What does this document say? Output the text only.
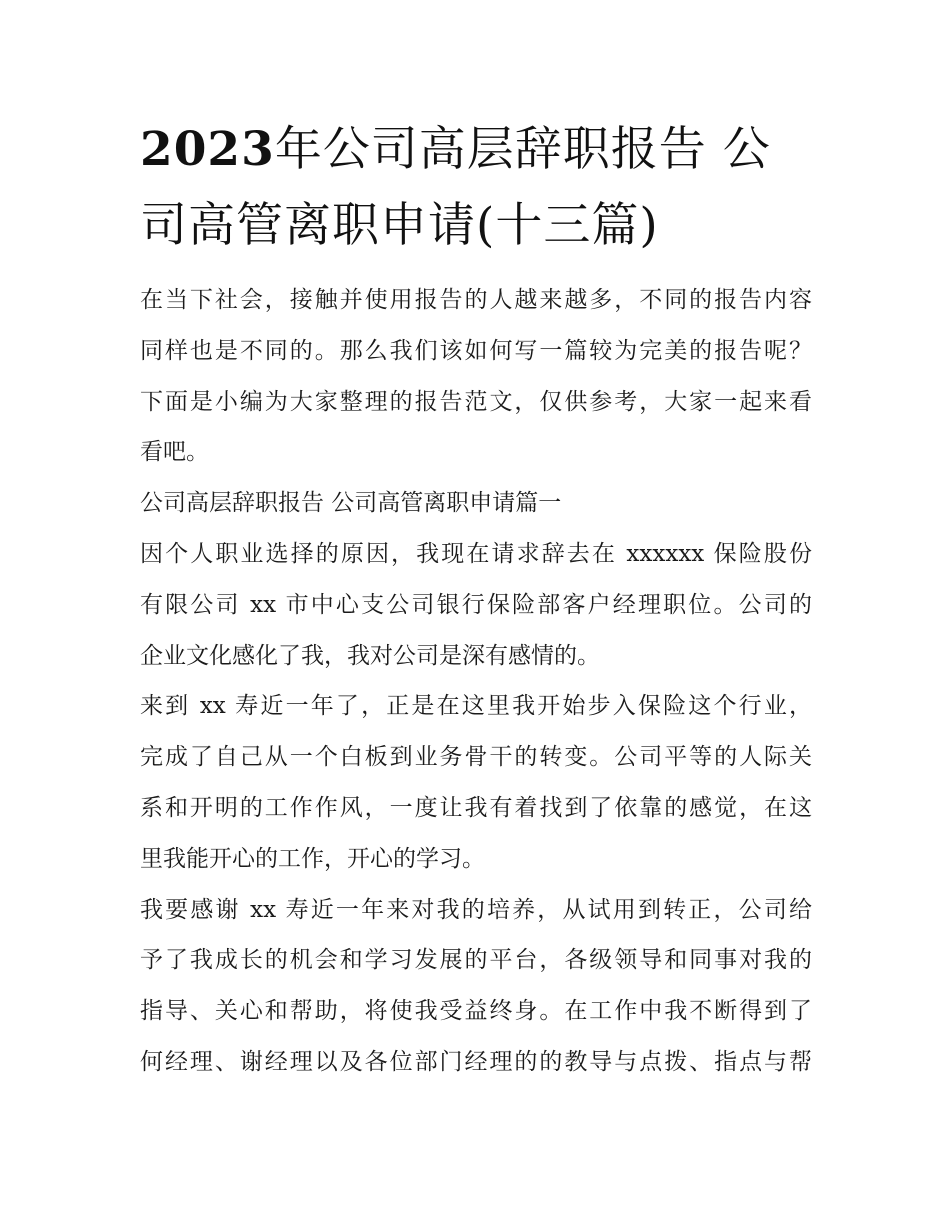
2023年公司高层辞职报告 公
司高管离职申请(十三篇)
在当下社会，接触并使用报告的人越来越多，不同的报告内容
同样也是不同的。那么我们该如何写一篇较为完美的报告呢？
下面是小编为大家整理的报告范文，仅供参考，大家一起来看
看吧。
公司高层辞职报告 公司高管离职申请篇一
因个人职业选择的原因，我现在请求辞去在 xxxxxx 保险股份
有限公司 xx 市中心支公司银行保险部客户经理职位。公司的
企业文化感化了我，我对公司是深有感情的。
来到 xx 寿近一年了，正是在这里我开始步入保险这个行业，
完成了自己从一个白板到业务骨干的转变。公司平等的人际关
系和开明的工作作风，一度让我有着找到了依靠的感觉，在这
里我能开心的工作，开心的学习。
我要感谢 xx 寿近一年来对我的培养，从试用到转正，公司给
予了我成长的机会和学习发展的平台，各级领导和同事对我的
指导、关心和帮助，将使我受益终身。在工作中我不断得到了
何经理、谢经理以及各位部门经理的的教导与点拨、指点与帮
